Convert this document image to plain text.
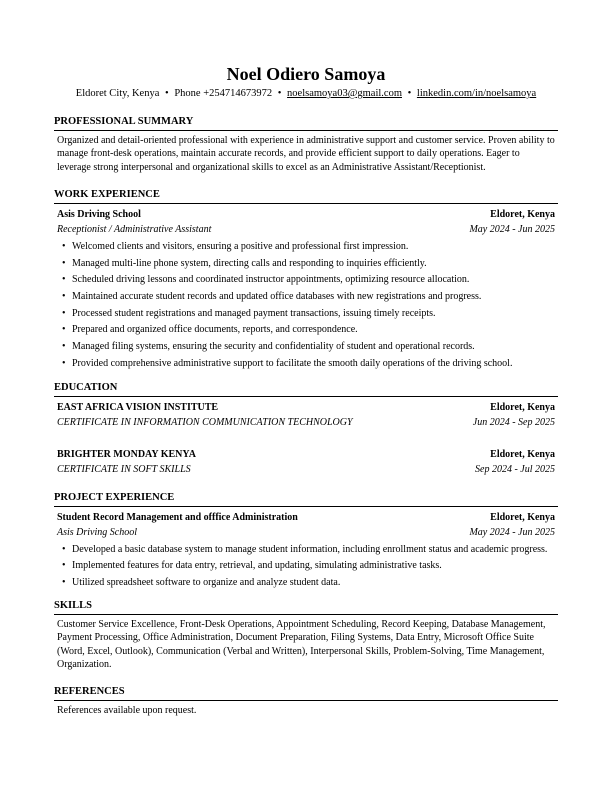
Noel Odiero Samoya
Eldoret City, Kenya • Phone +254714673972 • noelsamoya03@gmail.com • linkedin.com/in/noelsamoya
PROFESSIONAL SUMMARY
Organized and detail-oriented professional with experience in administrative support and customer service. Proven ability to manage front-desk operations, maintain accurate records, and provide efficient support to daily operations. Eager to leverage strong interpersonal and organizational skills to excel as an Administrative Assistant/Receptionist.
WORK EXPERIENCE
Asis Driving School	Eldoret, Kenya
Receptionist / Administrative Assistant	May 2024 - Jun 2025
• Welcomed clients and visitors, ensuring a positive and professional first impression.
• Managed multi-line phone system, directing calls and responding to inquiries efficiently.
• Scheduled driving lessons and coordinated instructor appointments, optimizing resource allocation.
• Maintained accurate student records and updated office databases with new registrations and progress.
• Processed student registrations and managed payment transactions, issuing timely receipts.
• Prepared and organized office documents, reports, and correspondence.
• Managed filing systems, ensuring the security and confidentiality of student and operational records.
• Provided comprehensive administrative support to facilitate the smooth daily operations of the driving school.
EDUCATION
EAST AFRICA VISION INSTITUTE	Eldoret, Kenya
CERTIFICATE IN INFORMATION COMMUNICATION TECHNOLOGY	Jun 2024 - Sep 2025
BRIGHTER MONDAY KENYA	Eldoret, Kenya
CERTIFICATE IN SOFT SKILLS	Sep 2024 - Jul 2025
PROJECT EXPERIENCE
Student Record Management and offfice Administration	Eldoret, Kenya
Asis Driving School	May 2024 - Jun 2025
• Developed a basic database system to manage student information, including enrollment status and academic progress.
• Implemented features for data entry, retrieval, and updating, simulating administrative tasks.
• Utilized spreadsheet software to organize and analyze student data.
SKILLS
Customer Service Excellence, Front-Desk Operations, Appointment Scheduling, Record Keeping, Database Management, Payment Processing, Office Administration, Document Preparation, Filing Systems, Data Entry, Microsoft Office Suite (Word, Excel, Outlook), Communication (Verbal and Written), Interpersonal Skills, Problem-Solving, Time Management, Organization.
REFERENCES
References available upon request.
